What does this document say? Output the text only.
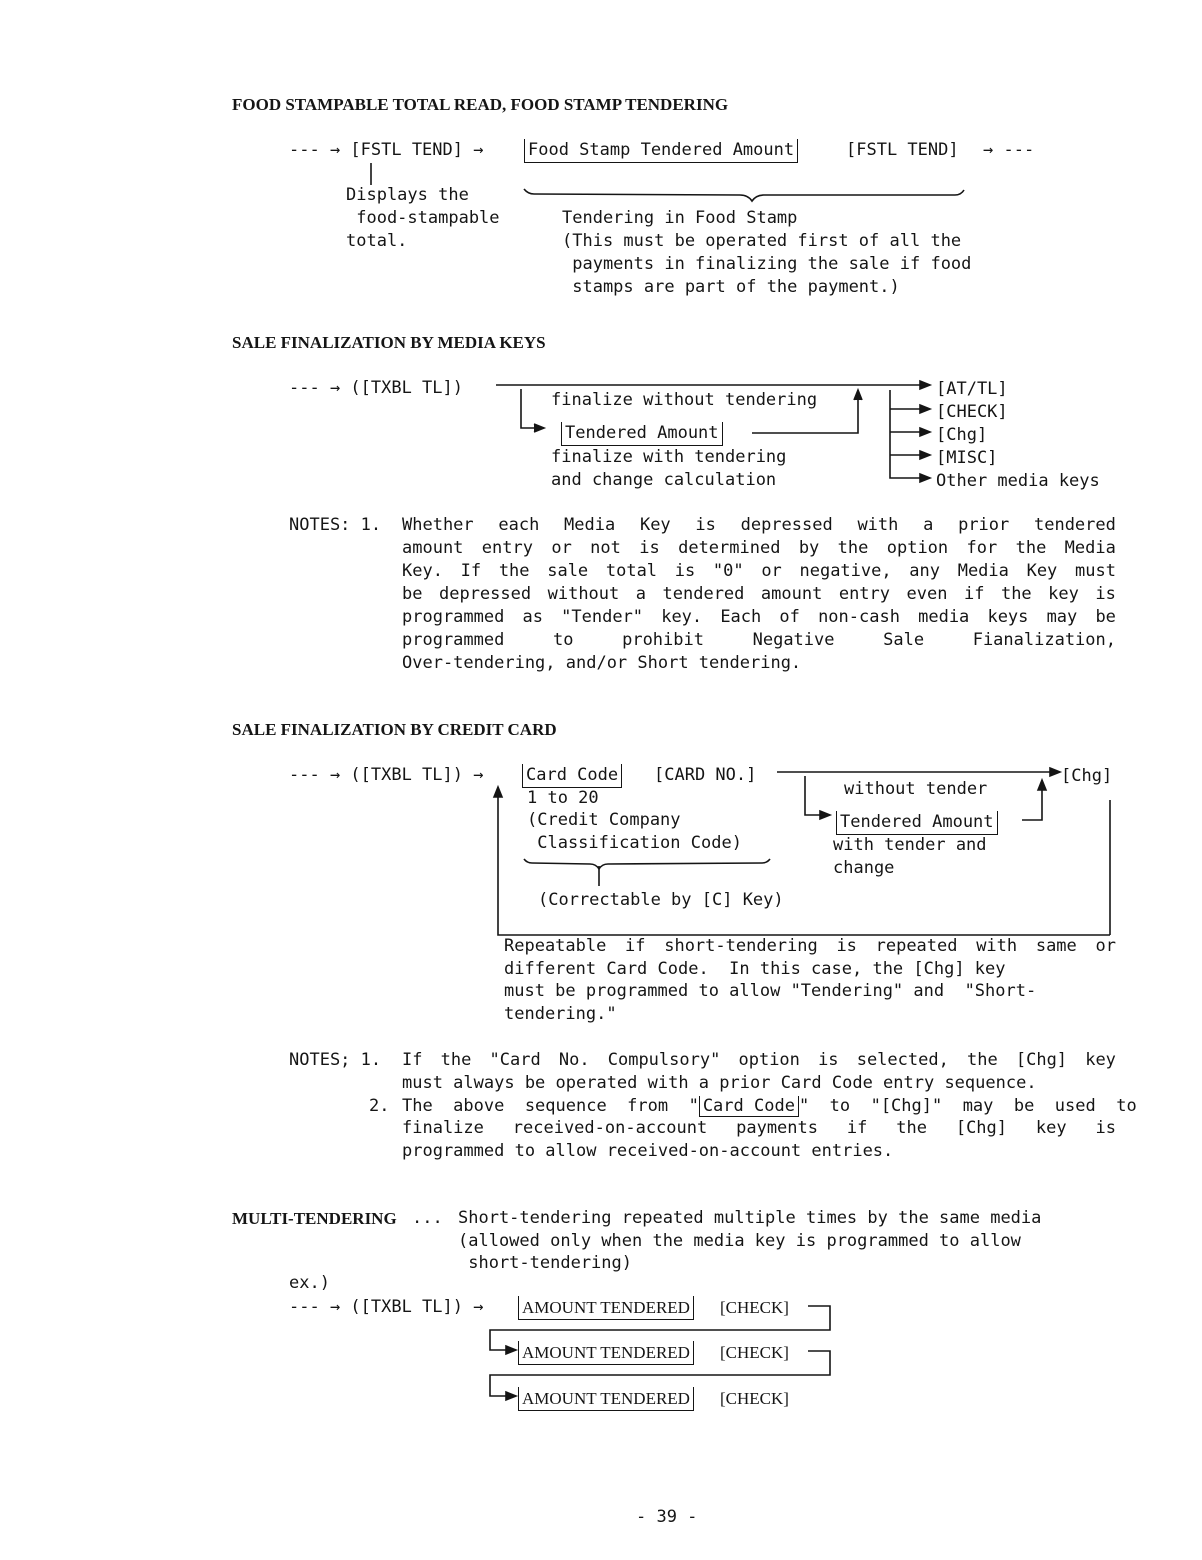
FOOD STAMPABLE TOTAL READ, FOOD STAMP TENDERING
--- → [FSTL TEND] →	Food Stamp Tendered Amount	[FSTL TEND] → ---
Displays the
food-stampable
total.
Tendering in Food Stamp
(This must be operated first of all the
payments in finalizing the sale if food
stamps are part of the payment.)
SALE FINALIZATION BY MEDIA KEYS
--- → ([TXBL TL])
finalize without tendering
Tendered Amount
finalize with tendering
and change calculation
[AT/TL]
[CHECK]
[Chg]
[MISC]
Other media keys
NOTES: 1. Whether each Media Key is depressed with a prior tendered
amount entry or not is determined by the option for the Media
Key. If the sale total is "0" or negative, any Media Key must
be depressed without a tendered amount entry even if the key is
programmed as "Tender" key. Each of non-cash media keys may be
programmed	to	prohibit	Negative	Sale	Fianalization,
Over-tendering, and/or Short tendering.
SALE FINALIZATION BY CREDIT CARD
--- → ([TXBL TL]) →	Card Code [CARD NO.]
1 to 20
(Credit Company
Classification Code)
(Correctable by [C] Key)
without tender
Tendered Amount
with tender and
change
[Chg]
Repeatable if short-tendering is repeated with same or
different Card Code.  In this case, the [Chg] key
must be programmed to allow "Tendering" and  "Short-
tendering."
NOTES; 1. If the "Card No. Compulsory" option is selected, the [Chg] key
must always be operated with a prior Card Code entry sequence.
2. The  above  sequence  from  " Card Code "  to  "[Chg]"  may  be  used  to
finalize received-on-account payments if the [Chg] key is
programmed to allow received-on-account entries.
MULTI-TENDERING ... Short-tendering repeated multiple times by the same media
(allowed only when the media key is programmed to allow
short-tendering)
ex.)
--- → ([TXBL TL]) → AMOUNT TENDERED [CHECK]
AMOUNT TENDERED [CHECK]
AMOUNT TENDERED [CHECK]
- 39 -
